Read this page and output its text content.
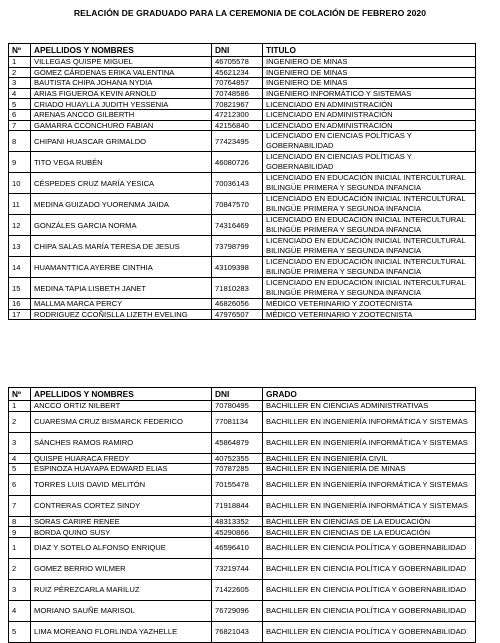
RELACIÓN DE GRADUADO PARA LA CEREMONIA DE COLACIÓN DE FEBRERO 2020
Nº	APELLIDOS Y NOMBRES	DNI	TITULO
1	VILLEGAS QUISPE MIGUEL	46705578	INGENIERO DE MINAS
2	GÓMEZ CÁRDENAS ERIKA VALENTINA	45621234	INGENIERO DE MINAS
3	BAUTISTA CHIPA JOHANA NYDIA	70764857	INGENIERO DE MINAS
4	ARIAS FIGUEROA KEVIN ARNOLD	70748586	INGENIERO INFORMÁTICO Y SISTEMAS
5	CRIADO HUAYLLA JUDITH YESSENIA	70821967	LICENCIADO EN ADMINISTRACIÓN
6	ARENAS ANCCO GILBERTH	47212300	LICENCIADO EN ADMINISTRACIÓN
7	GAMARRA CCONCHURO FABIAN	42156840	LICENCIADO EN ADMINISTRACIÓN
8	CHIPANI HUASCAR GRIMALDO	77423495	LICENCIADO EN CIENCIAS POLÍTICAS Y GOBERNABILIDAD
9	TITO VEGA RUBÉN	46080726	LICENCIADO EN CIENCIAS POLÍTICAS Y GOBERNABILIDAD
10	CÉSPEDES CRUZ MARÍA YESICA	70036143	LICENCIADO EN EDUCACIÓN INICIAL INTERCULTURAL BILINGÜE PRIMERA Y SEGUNDA INFANCIA
11	MEDINA GUIZADO YUORENMA JAIDA	70847570	LICENCIADO EN EDUCACIÓN INICIAL INTERCULTURAL BILINGÜE PRIMERA Y SEGUNDA INFANCIA
12	GONZÁLES GARCIA NORMA	74316469	LICENCIADO EN EDUCACIÓN INICIAL INTERCULTURAL BILINGÜE PRIMERA Y SEGUNDA INFANCIA
13	CHIPA SALAS MARÍA TERESA DE JESUS	73798799	LICENCIADO EN EDUCACIÓN INICIAL INTERCULTURAL BILINGÜE PRIMERA Y SEGUNDA INFANCIA
14	HUAMANTTICA AYERBE CINTHIA	43109398	LICENCIADO EN EDUCACIÓN INICIAL INTERCULTURAL BILINGÜE PRIMERA Y SEGUNDA INFANCIA
15	MEDINA TAPIA LISBETH JANET	71810283	LICENCIADO EN EDUCACIÓN INICIAL INTERCULTURAL BILINGÜE PRIMERA Y SEGUNDA INFANCIA
16	MALLMA MARCA PERCY	46826056	MÉDICO VETERINARIO Y ZOOTECNISTA
17	RODRIGUEZ CCOÑISLLA LIZETH EVELING	47976507	MÉDICO VETERINARIO Y ZOOTECNISTA
Nº	APELLIDOS Y NOMBRES	DNI	GRADO
1	ANCCO ORTIZ NILBERT	70780495	BACHILLER EN CIENCIAS ADMINISTRATIVAS
2	CUARESMA CRUZ BISMARCK FEDERICO	77081134	BACHILLER EN INGENIERÍA INFORMÁTICA Y SISTEMAS
3	SÁNCHES RAMOS RAMIRO	45864879	BACHILLER EN INGENIERÍA INFORMÁTICA Y SISTEMAS
4	QUISPE HUARACA FREDY	40752355	BACHILLER EN INGENIERÍA CIVIL
5	ESPINOZA HUAYAPA EDWARD ELIAS	70787285	BACHILLER EN INGENIERÍA DE MINAS
6	TORRES LUIS DAVID MELITÓN	70155478	BACHILLER EN INGENIERÍA INFORMÁTICA Y SISTEMAS
7	CONTRERAS CORTEZ SINDY	71918844	BACHILLER EN INGENIERÍA INFORMÁTICA Y SISTEMAS
8	SORAS CARIRE RENEE	48313352	BACHILLER EN CIENCIAS DE LA EDUCACIÓN
9	BORDA QUINO SUSY	45290866	BACHILLER EN CIENCIAS DE LA EDUCACIÓN
1	DIAZ Y SOTELO ALFONSO ENRIQUE	46596410	BACHILLER EN CIENCIA POLÍTICA Y GOBERNABILIDAD
2	GOMEZ BERRIO WILMER	73219744	BACHILLER EN CIENCIA POLÍTICA Y GOBERNABILIDAD
3	RUIZ PÉREZCARLA MARILUZ	71422605	BACHILLER EN CIENCIA POLÍTICA Y GOBERNABILIDAD
4	MORIANO SAUÑE MARISOL	76729096	BACHILLER EN CIENCIA POLÍTICA Y GOBERNABILIDAD
5	LIMA MOREANO FLORLINDA YAZHELLE	76821043	BACHILLER EN CIENCIA POLÍTICA Y GOBERNABILIDAD
